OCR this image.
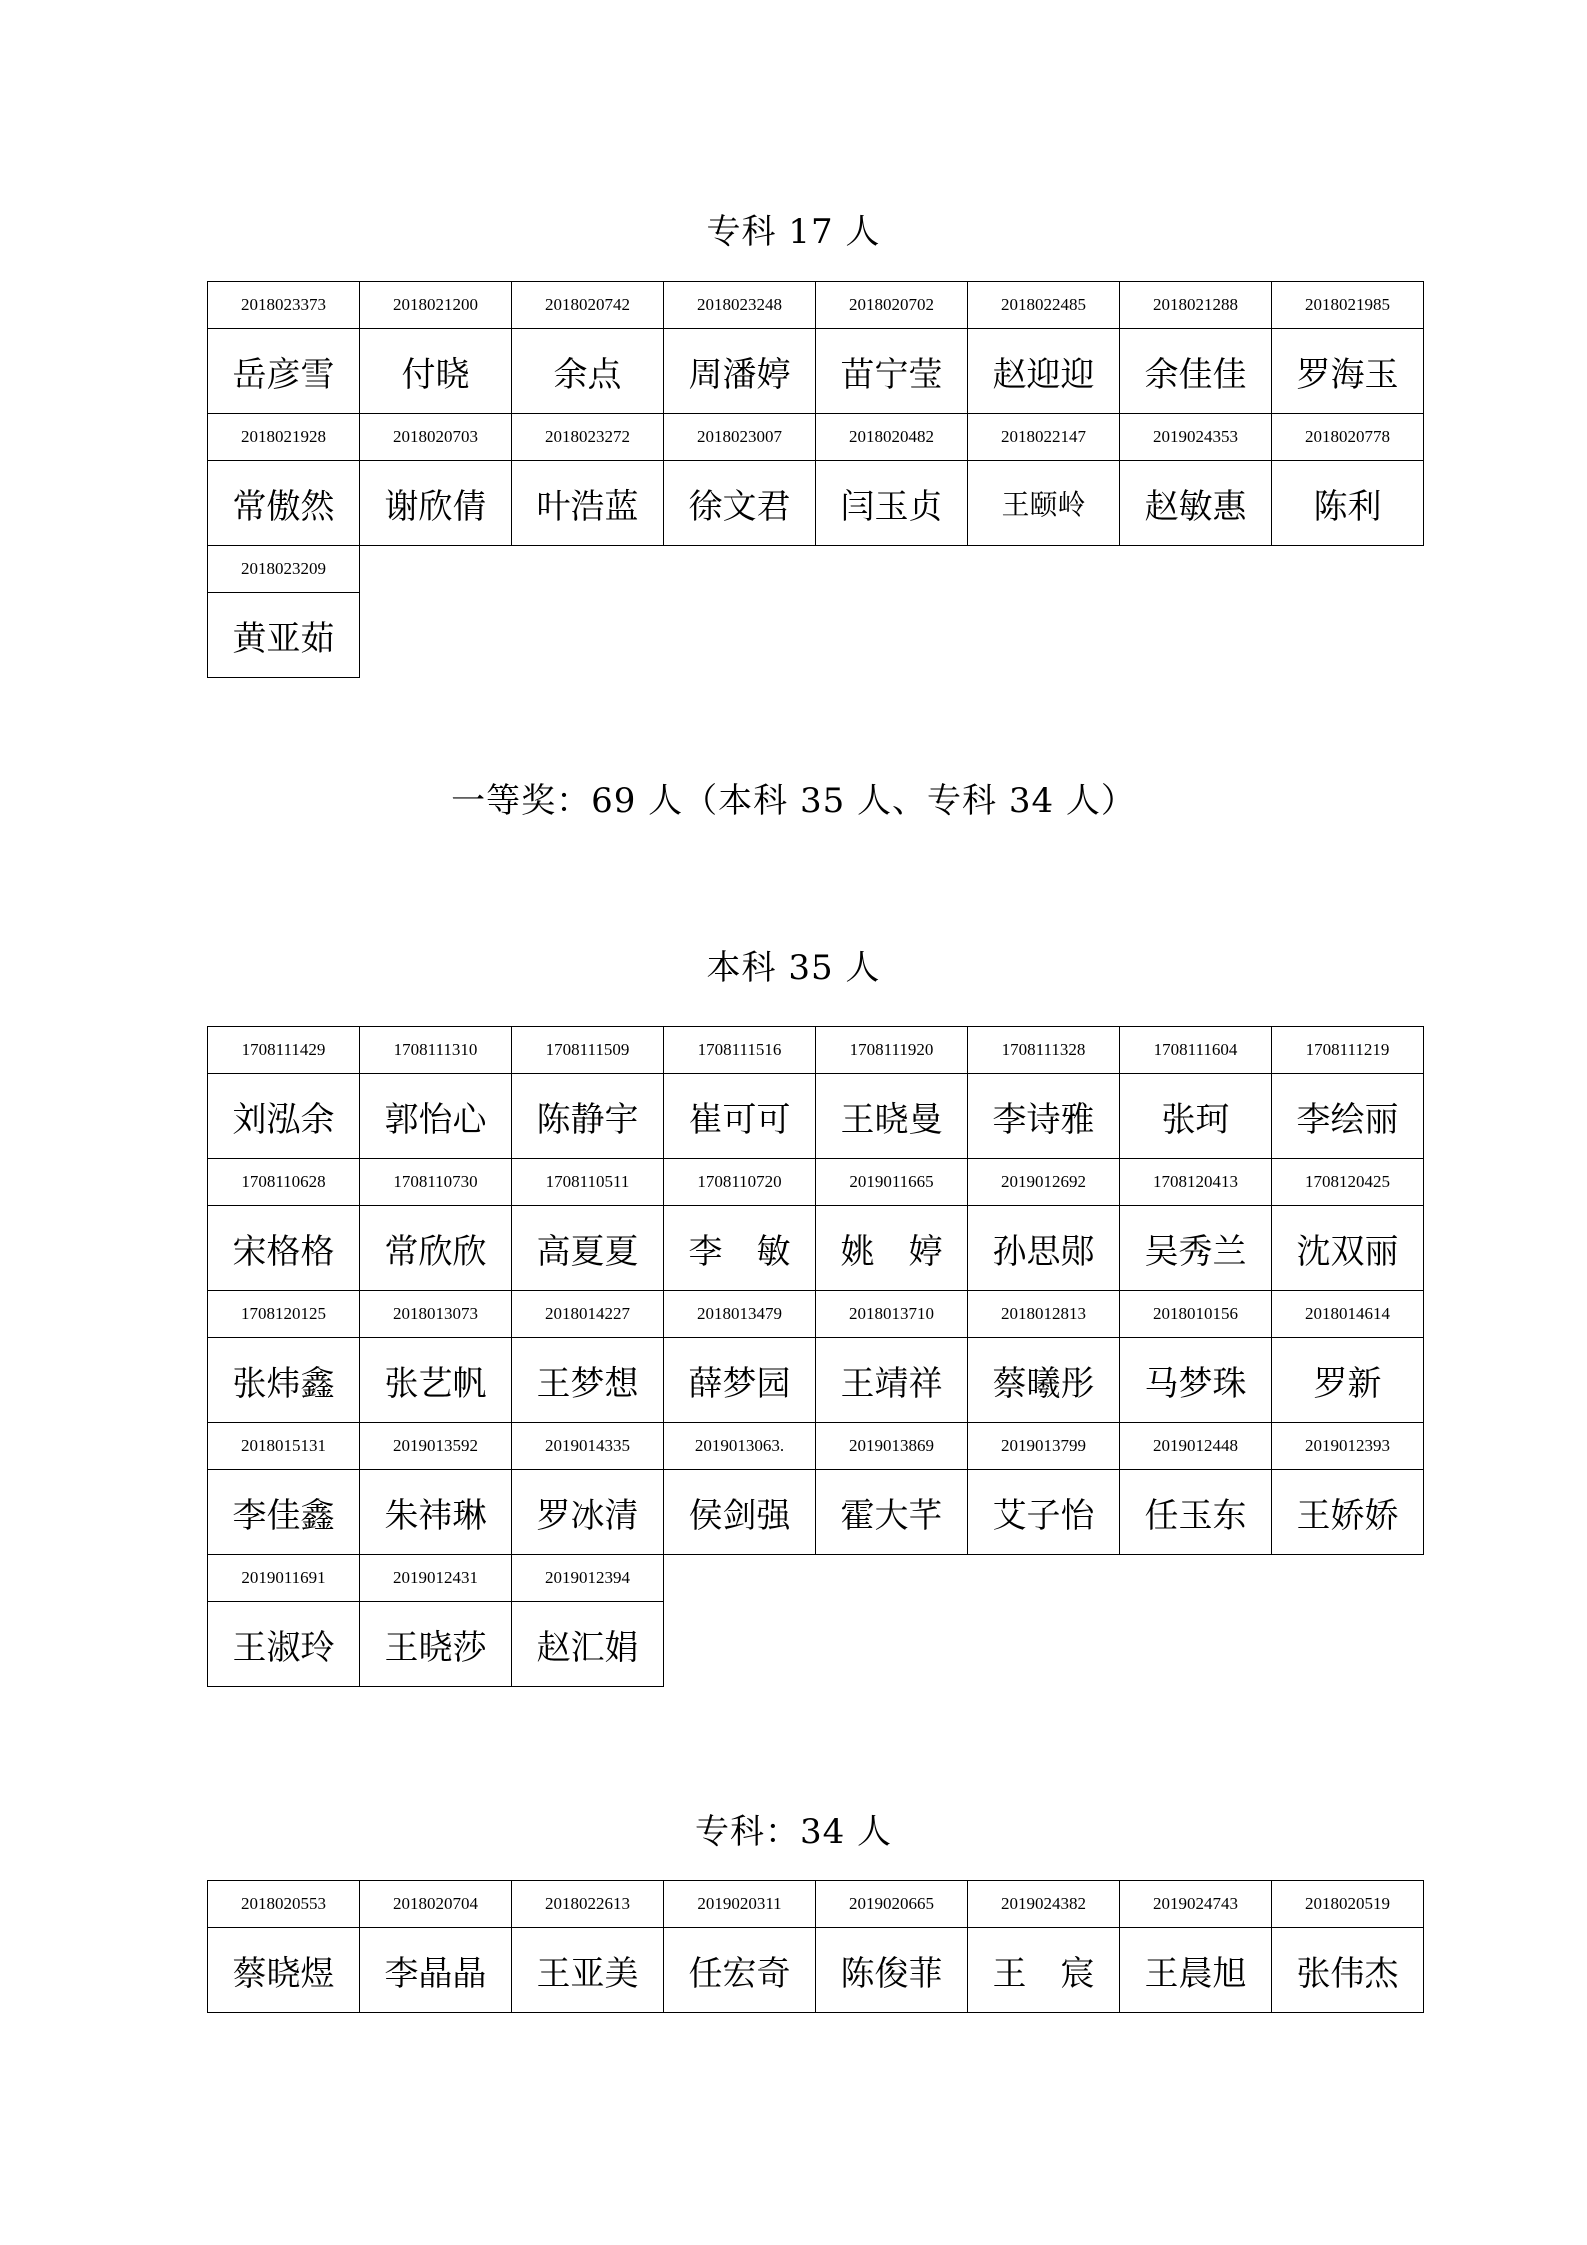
专科 17 人
一等奖：69 人（本科 35 人、专科 34 人）
本科 35 人
专科：34 人
2018023373	2018021200	2018020742	2018023248	2018020702	2018022485	2018021288	2018021985
岳彦雪	付晓	余点	周潘婷	苗宁莹	赵迎迎	余佳佳	罗海玉
2018021928	2018020703	2018023272	2018023007	2018020482	2018022147	2019024353	2018020778
常傲然	谢欣倩	叶浩蓝	徐文君	闫玉贞	王颐岭	赵敏惠	陈利
2018023209							
黄亚茹							
1708111429	1708111310	1708111509	1708111516	1708111920	1708111328	1708111604	1708111219
刘泓余	郭怡心	陈静宇	崔可可	王晓曼	李诗雅	张珂	李绘丽
1708110628	1708110730	1708110511	1708110720	2019011665	2019012692	1708120413	1708120425
宋格格	常欣欣	高夏夏	李　敏	姚　婷	孙思郧	吴秀兰	沈双丽
1708120125	2018013073	2018014227	2018013479	2018013710	2018012813	2018010156	2018014614
张炜鑫	张艺帆	王梦想	薛梦园	王靖祥	蔡曦彤	马梦珠	罗新
2018015131	2019013592	2019014335	2019013063.	2019013869	2019013799	2019012448	2019012393
李佳鑫	朱祎琳	罗冰清	侯剑强	霍大芊	艾子怡	任玉东	王娇娇
2019011691	2019012431	2019012394					
王淑玲	王晓莎	赵汇娟					
2018020553	2018020704	2018022613	2019020311	2019020665	2019024382	2019024743	2018020519
蔡晓煜	李晶晶	王亚美	任宏奇	陈俊菲	王　宸	王晨旭	张伟杰
